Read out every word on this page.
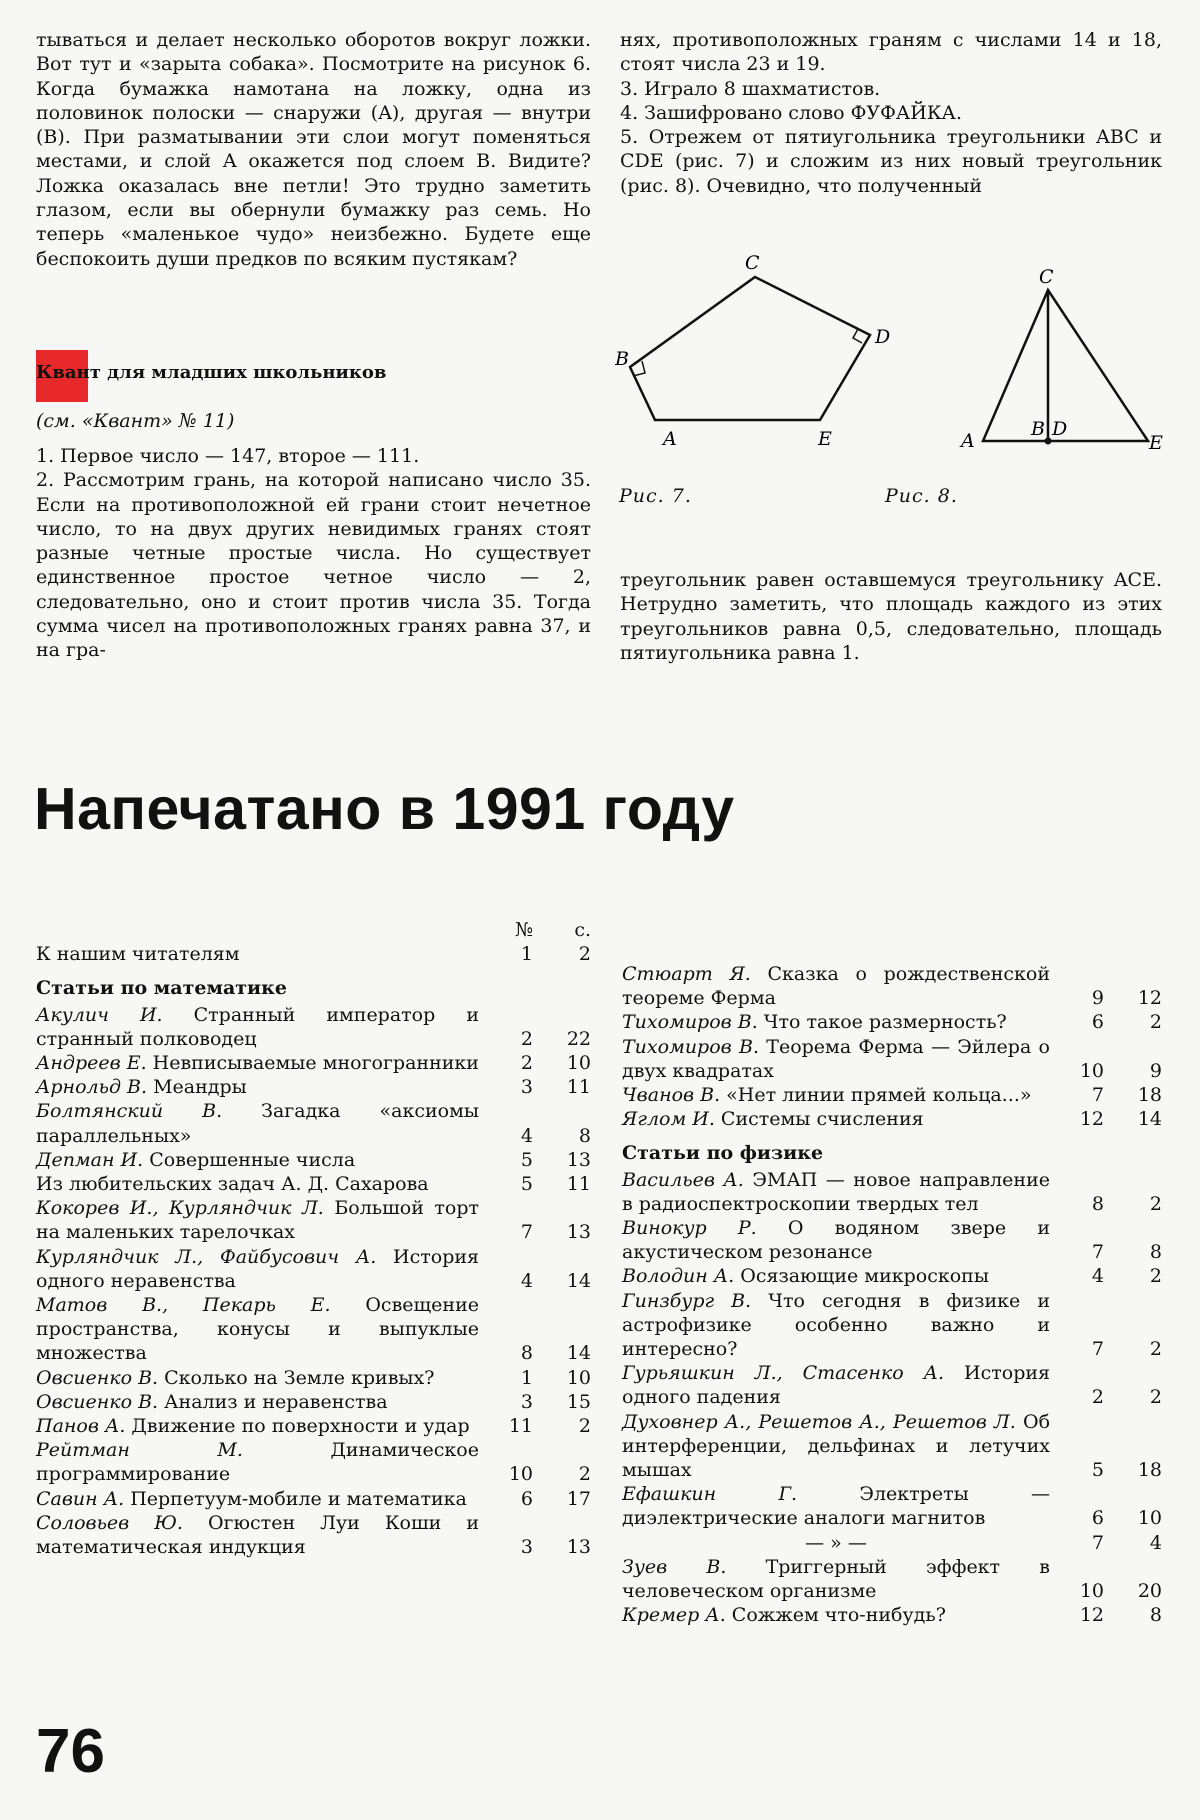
тываться и делает несколько оборотов вокруг ложки. Вот тут и «зарыта собака». Посмотрите на рисунок 6. Когда бумажка намотана на ложку, одна из половинок полоски — снаружи (A), другая — внутри (B). При разматывании эти слои могут поменяться местами, и слой A окажется под слоем B. Видите? Ложка оказалась вне петли! Это трудно заметить глазом, если вы обернули бумажку раз семь. Но теперь «маленькое чудо» неизбежно. Будете еще беспокоить души предков по всяким пустякам?

Квант для младших школьников
(см. «Квант» № 11)

1. Первое число — 147, второе — 111.

2. Рассмотрим грань, на которой написано число 35. Если на противоположной ей грани стоит нечетное число, то на двух других невидимых гранях стоят разные четные простые числа. Но существует единственное простое четное число — 2, следовательно, оно и стоит против числа 35. Тогда сумма чисел на противоположных гранях равна 37, и на гра-

нях, противоположных граням с числами 14 и 18, стоят числа 23 и 19.

3. Играло 8 шахматистов.

4. Зашифровано слово ФУФАЙКА.

5. Отрежем от пятиугольника треугольники ABC и CDE (рис. 7) и сложим из них новый треугольник (рис. 8). Очевидно, что полученный

C
D
B
A	E
C
A
B D
E
Рис. 7.	Рис. 8.

треугольник равен оставшемуся треугольнику ACE. Нетрудно заметить, что площадь каждого из этих треугольников равна 0,5, следовательно, площадь пятиугольника равна 1.

Напечатано в 1991 году
№	с.
К нашим читателям	1	2
Статьи по математике
Акулич И. Странный император и странный полководец	2	22
Андреев Е. Невписываемые многогранники	2	10
Арнольд В. Меандры	3	11
Болтянский В. Загадка «аксиомы параллельных»	4	8
Депман И. Совершенные числа	5	13
Из любительских задач А. Д. Сахарова	5	11
Кокорев И., Курляндчик Л. Большой торт на маленьких тарелочках	7	13
Курляндчик Л., Файбусович А. История одного неравенства	4	14
Матов В., Пекарь Е. Освещение пространства, конусы и выпуклые множества	8	14
Овсиенко В. Сколько на Земле кривых?	1	10
Овсиенко В. Анализ и неравенства	3	15
Панов А. Движение по поверхности и удар	11	2
Рейтман М. Динамическое программирование	10	2
Савин А. Перпетуум-мобиле и математика	6	17
Соловьев Ю. Огюстен Луи Коши и математическая индукция	3	13
Стюарт Я. Сказка о рождественской теореме Ферма	9	12
Тихомиров В. Что такое размерность?	6	2
Тихомиров В. Теорема Ферма — Эйлера о двух квадратах	10	9
Чванов В. «Нет линии прямей кольца...»	7	18
Яглом И. Системы счисления	12	14
Статьи по физике
Васильев А. ЭМАП — новое направление в радиоспектроскопии твердых тел	8	2
Винокур Р. О водяном звере и акустическом резонансе	7	8
Володин А. Осязающие микроскопы	4	2
Гинзбург В. Что сегодня в физике и астрофизике особенно важно и интересно?	7	2
Гурьяшкин Л., Стасенко А. История одного падения	2	2
Духовнер А., Решетов А., Решетов Л. Об интерференции, дельфинах и летучих мышах	5	18
Ефашкин Г. Электреты — диэлектрические аналоги магнитов	6	10
— » —	7	4
Зуев В. Триггерный эффект в человеческом организме	10	20
Кремер А. Сожжем что-нибудь?	12	8
76
